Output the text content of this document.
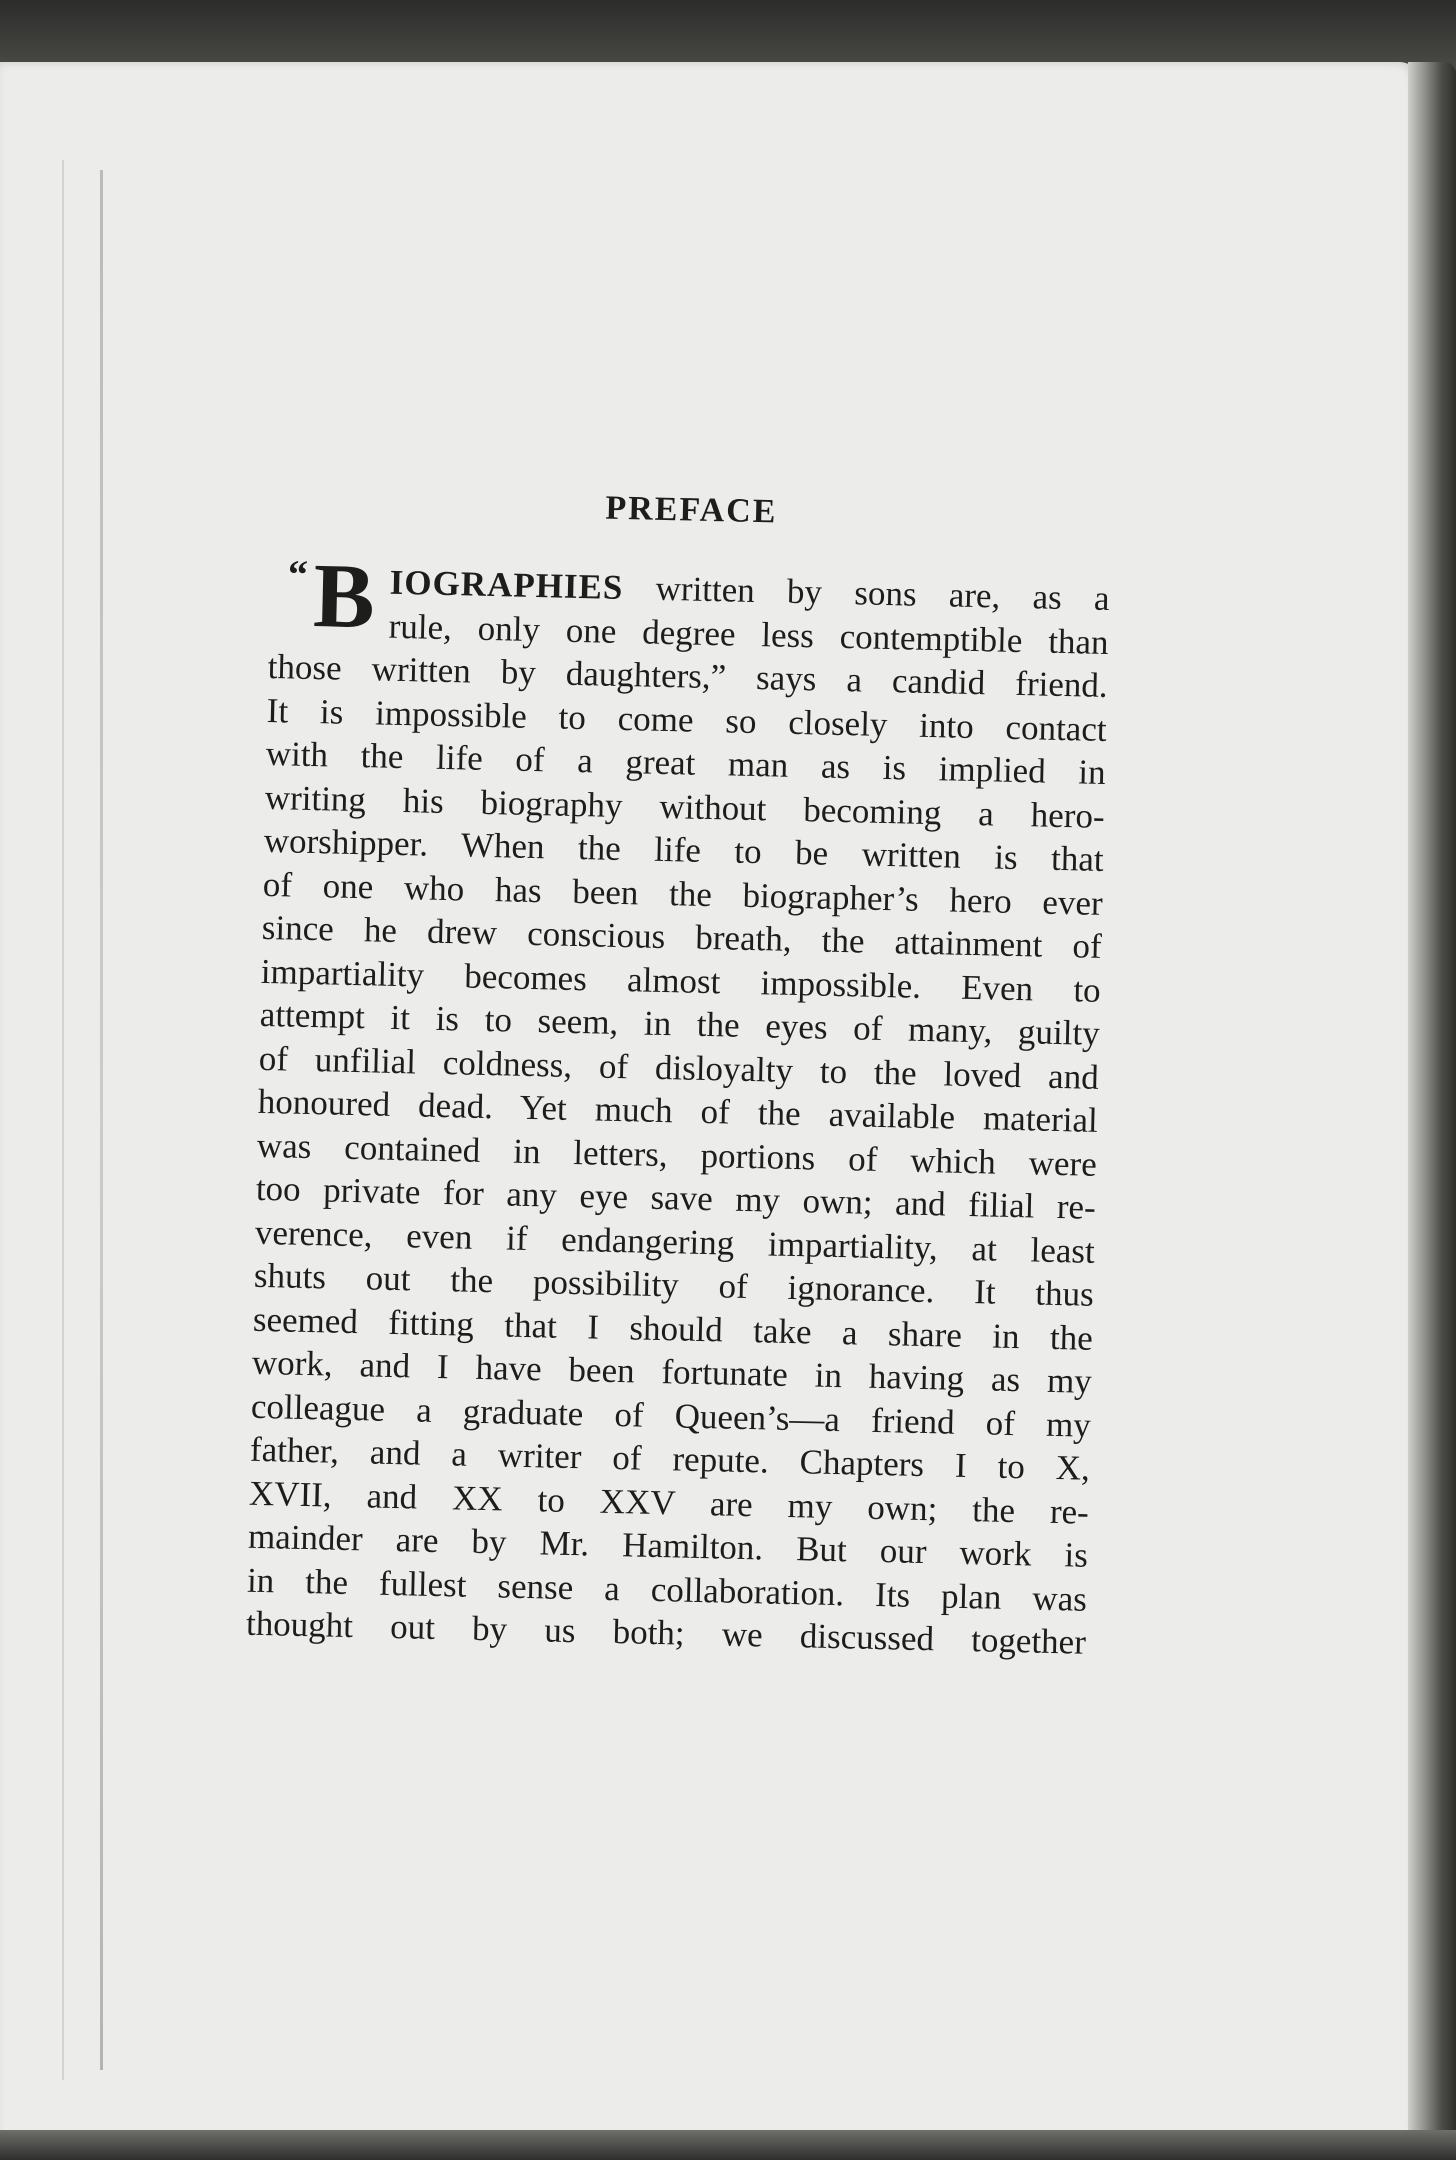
PREFACE
“ B IOGRAPHIES written by sons are, as a
rule, only one degree less contemptible than
those written by daughters,” says a candid friend.
It is impossible to come so closely into contact
with the life of a great man as is implied in
writing his biography without becoming a hero-
worshipper. When the life to be written is that
of one who has been the biographer’s hero ever
since he drew conscious breath, the attainment of
impartiality becomes almost impossible. Even to
attempt it is to seem, in the eyes of many, guilty
of unfilial coldness, of disloyalty to the loved and
honoured dead. Yet much of the available material
was contained in letters, portions of which were
too private for any eye save my own; and filial re-
verence, even if endangering impartiality, at least
shuts out the possibility of ignorance. It thus
seemed fitting that I should take a share in the
work, and I have been fortunate in having as my
colleague a graduate of Queen’s—a friend of my
father, and a writer of repute. Chapters I to X,
XVII, and XX to XXV are my own; the re-
mainder are by Mr. Hamilton. But our work is
in the fullest sense a collaboration. Its plan was
thought out by us both; we discussed together
